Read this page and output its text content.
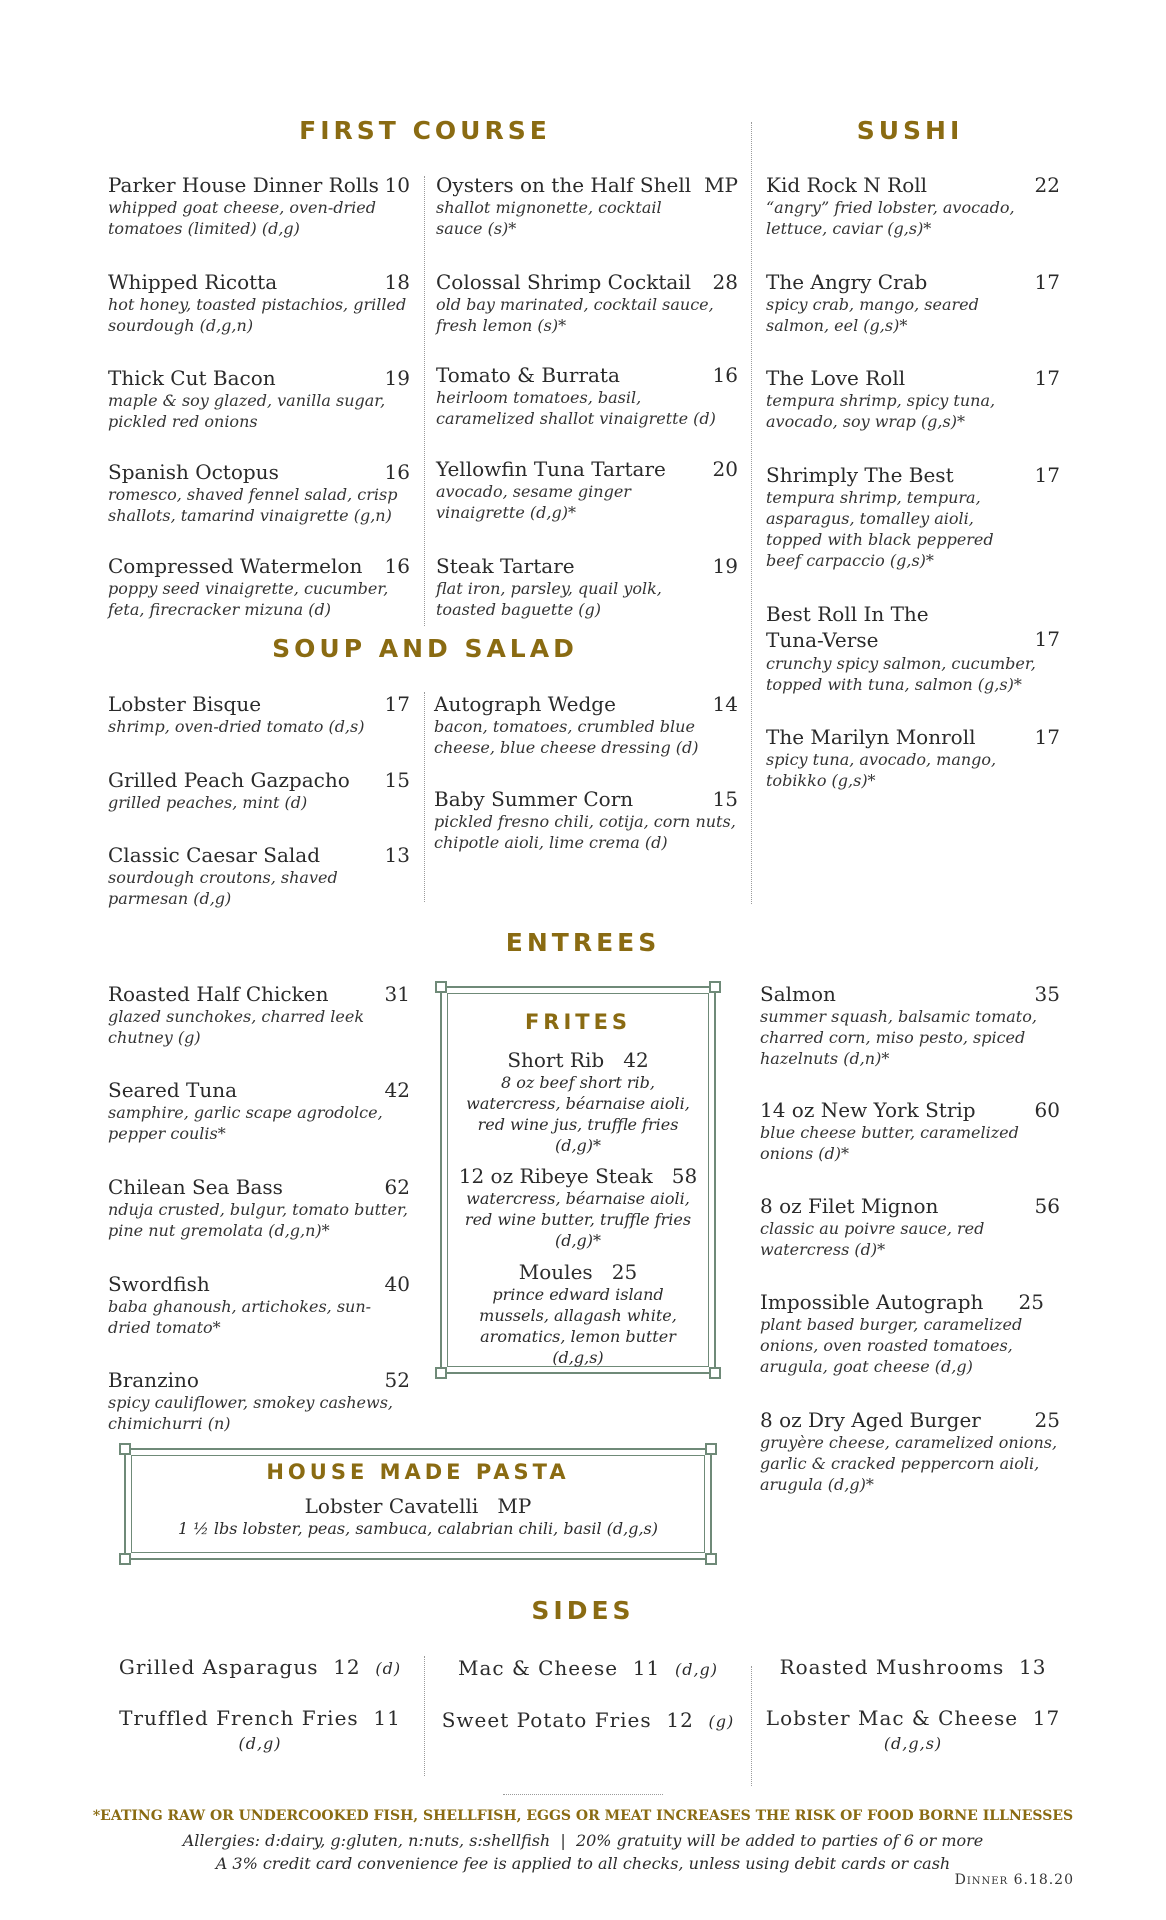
FIRST COURSE	SUSHI
SOUP AND SALAD
ENTREES
SIDES
Parker House Dinner Rolls 10
whipped goat cheese, oven-dried tomatoes (limited) (d,g)
Whipped Ricotta	18
hot honey, toasted pistachios, grilled sourdough (d,g,n)
Thick Cut Bacon	19
maple & soy glazed, vanilla sugar, pickled red onions
Spanish Octopus	16
romesco, shaved fennel salad, crisp shallots, tamarind vinaigrette (g,n)
Compressed Watermelon	16
poppy seed vinaigrette, cucumber, feta, firecracker mizuna (d)
Oysters on the Half Shell MP
shallot mignonette, cocktail sauce (s)*
Colossal Shrimp Cocktail	28
old bay marinated, cocktail sauce, fresh lemon (s)*
Tomato & Burrata	16
heirloom tomatoes, basil, caramelized shallot vinaigrette (d)
Yellowfin Tuna Tartare	20
avocado, sesame ginger vinaigrette (d,g)*
Steak Tartare	19
flat iron, parsley, quail yolk, toasted baguette (g)
Kid Rock N Roll	22
“angry” fried lobster, avocado, lettuce, caviar (g,s)*
The Angry Crab	17
spicy crab, mango, seared salmon, eel (g,s)*
The Love Roll	17
tempura shrimp, spicy tuna, avocado, soy wrap (g,s)*
Shrimply The Best	17
tempura shrimp, tempura, asparagus, tomalley aioli, topped with black peppered beef carpaccio (g,s)*
Best Roll In The Tuna-Verse	17
crunchy spicy salmon, cucumber, topped with tuna, salmon (g,s)*
The Marilyn Monroll	17
spicy tuna, avocado, mango, tobikko (g,s)*
Lobster Bisque	17
shrimp, oven-dried tomato (d,s)
Grilled Peach Gazpacho	15
grilled peaches, mint (d)
Classic Caesar Salad	13
sourdough croutons, shaved parmesan (d,g)
Autograph Wedge	14
bacon, tomatoes, crumbled blue cheese, blue cheese dressing (d)
Baby Summer Corn	15
pickled fresno chili, cotija, corn nuts, chipotle aioli, lime crema (d)
Roasted Half Chicken	31
glazed sunchokes, charred leek chutney (g)
Seared Tuna	42
samphire, garlic scape agrodolce, pepper coulis*
Chilean Sea Bass	62
nduja crusted, bulgur, tomato butter, pine nut gremolata (d,g,n)*
Swordfish	40
baba ghanoush, artichokes, sun-dried tomato*
Branzino	52
spicy cauliflower, smokey cashews, chimichurri (n)
FRITES
Short Rib 42
8 oz beef short rib, watercress, béarnaise aioli, red wine jus, truffle fries (d,g)*
12 oz Ribeye Steak 58
watercress, béarnaise aioli, red wine butter, truffle fries (d,g)*
Moules 25
prince edward island mussels, allagash white, aromatics, lemon butter (d,g,s)
Salmon	35
summer squash, balsamic tomato, charred corn, miso pesto, spiced hazelnuts (d,n)*
14 oz New York Strip	60
blue cheese butter, caramelized onions (d)*
8 oz Filet Mignon	56
classic au poivre sauce, red watercress (d)*
Impossible Autograph	25
plant based burger, caramelized onions, oven roasted tomatoes, arugula, goat cheese (d,g)
8 oz Dry Aged Burger	25
gruyère cheese, caramelized onions, garlic & cracked peppercorn aioli, arugula (d,g)*
HOUSE MADE PASTA
Lobster Cavatelli MP
1 ½ lbs lobster, peas, sambuca, calabrian chili, basil (d,g,s)
Grilled Asparagus 12 (d)
Truffled French Fries 11
(d,g)
Mac & Cheese 11 (d,g)
Sweet Potato Fries 12 (g)
Roasted Mushrooms 13
Lobster Mac & Cheese 17
(d,g,s)
*EATING RAW OR UNDERCOOKED FISH, SHELLFISH, EGGS OR MEAT INCREASES THE RISK OF FOOD BORNE ILLNESSES
Allergies: d:dairy, g:gluten, n:nuts, s:shellfish  |  20% gratuity will be added to parties of 6 or more
A 3% credit card convenience fee is applied to all checks, unless using debit cards or cash
Dinner 6.18.20
